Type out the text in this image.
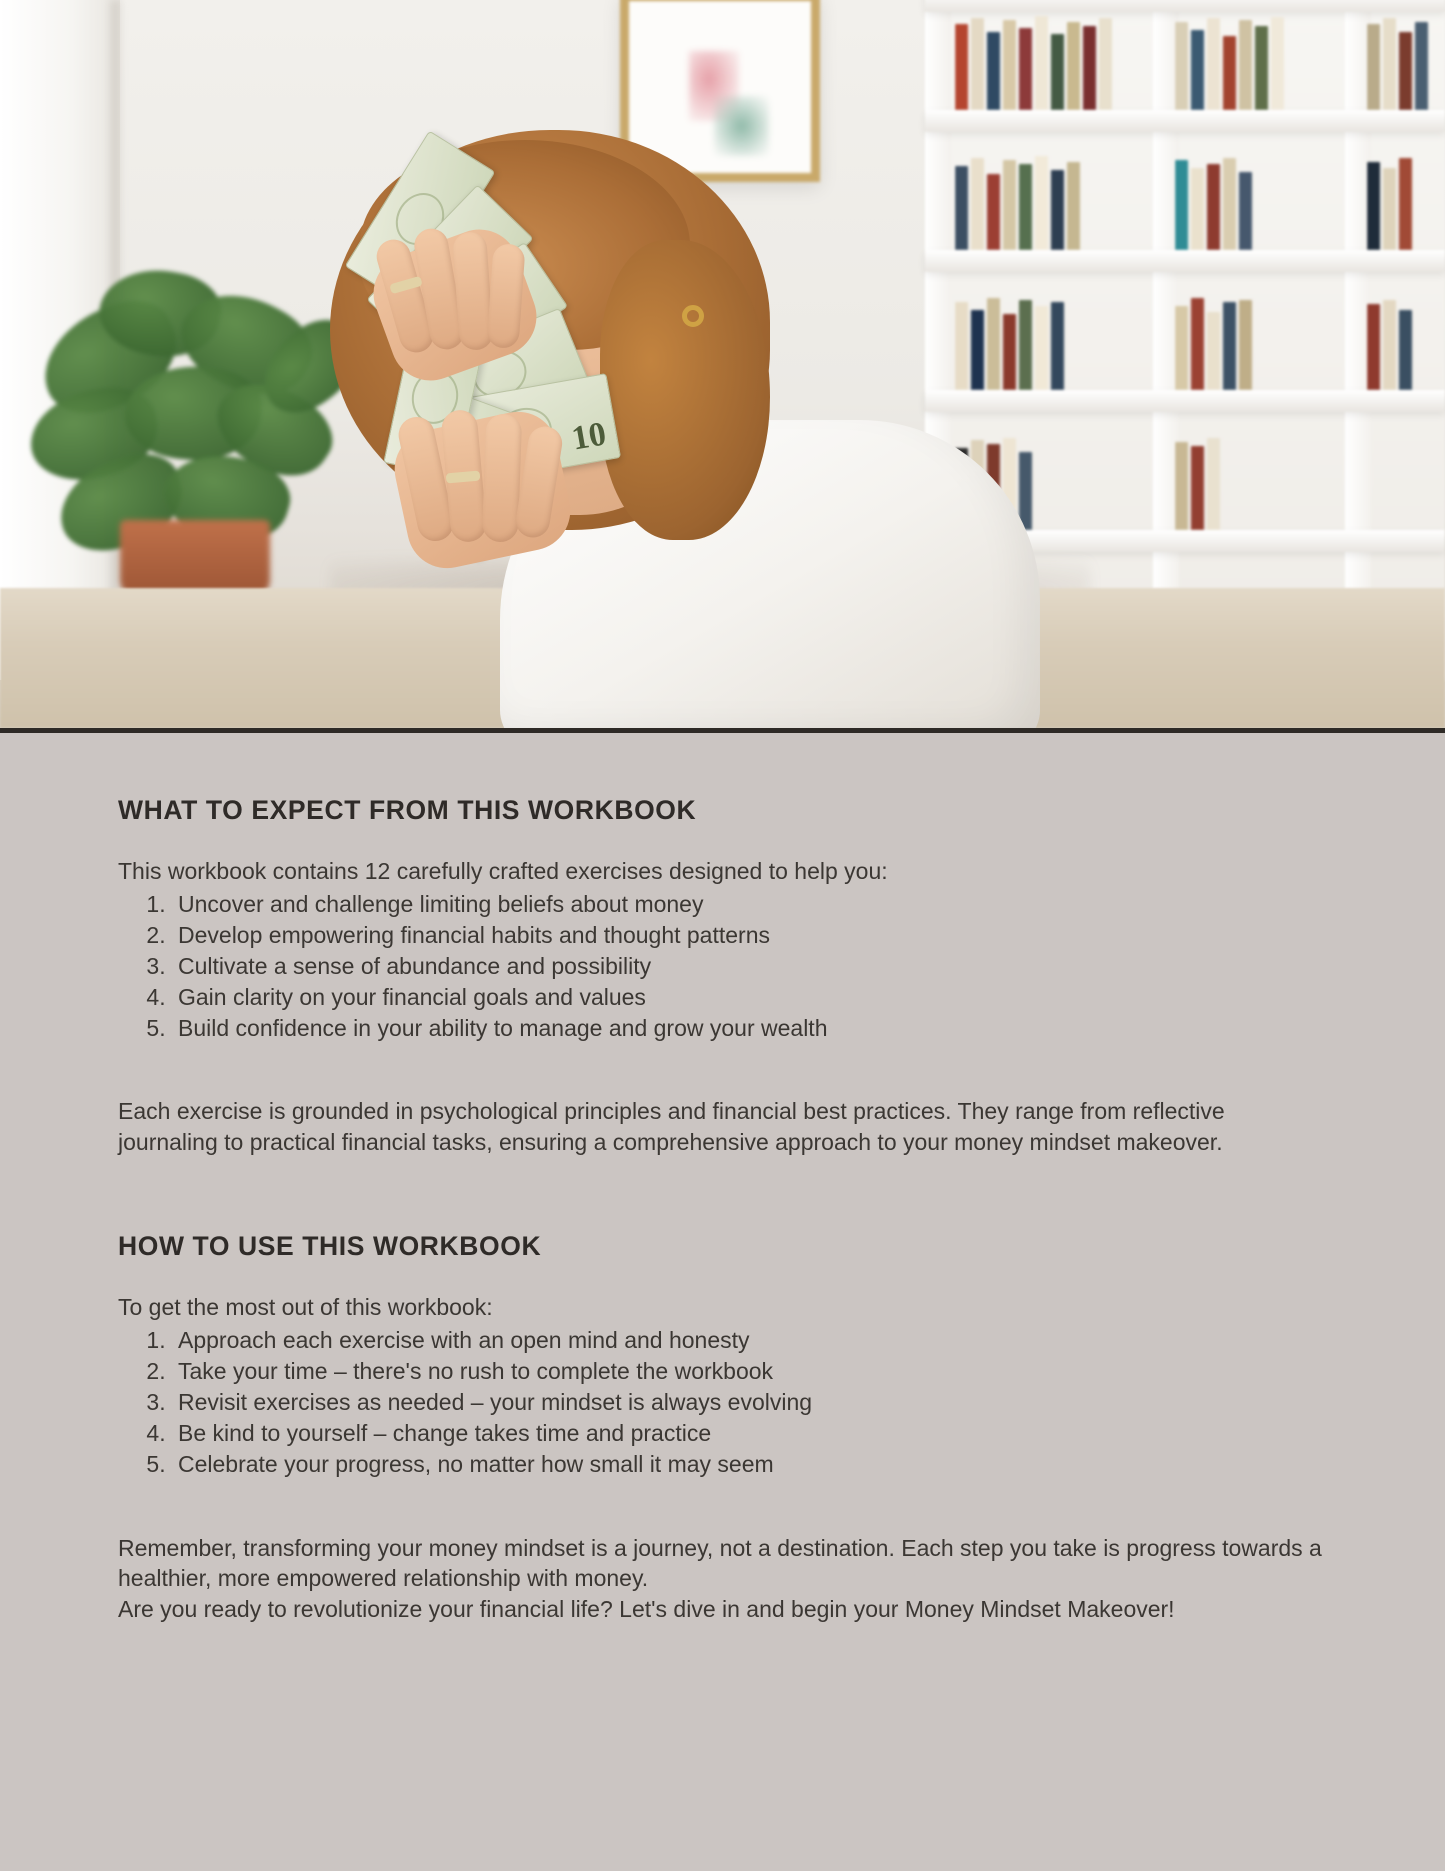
10
WHAT TO EXPECT FROM THIS WORKBOOK

This workbook contains 12 carefully crafted exercises designed to help you:

1. Uncover and challenge limiting beliefs about money
2. Develop empowering financial habits and thought patterns
3. Cultivate a sense of abundance and possibility
4. Gain clarity on your financial goals and values
5. Build confidence in your ability to manage and grow your wealth

Each exercise is grounded in psychological principles and financial best practices. They range from reflective journaling to practical financial tasks, ensuring a comprehensive approach to your money mindset makeover.

HOW TO USE THIS WORKBOOK

To get the most out of this workbook:

1. Approach each exercise with an open mind and honesty
2. Take your time – there's no rush to complete the workbook
3. Revisit exercises as needed – your mindset is always evolving
4. Be kind to yourself – change takes time and practice
5. Celebrate your progress, no matter how small it may seem

Remember, transforming your money mindset is a journey, not a destination. Each step you take is progress towards a healthier, more empowered relationship with money.

Are you ready to revolutionize your financial life? Let's dive in and begin your Money Mindset Makeover!
